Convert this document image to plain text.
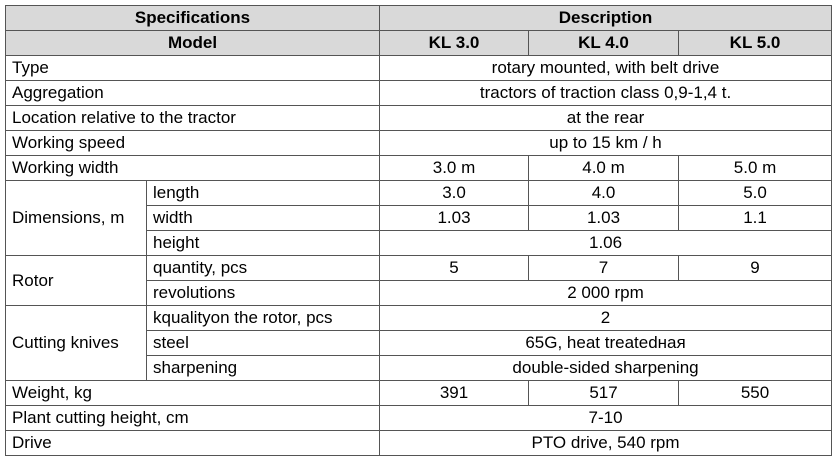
Specifications		Description		
Model		KL 3.0	KL 4.0	KL 5.0
Type		rotary mounted, with belt drive		
Aggregation		tractors of traction class 0,9-1,4 t.		
Location relative to the tractor		at the rear		
Working speed		up to 15 km / h		
Working width		3.0 m	4.0 m	5.0 m
Dimensions, m	length	3.0	4.0	5.0
	width	1.03	1.03	1.1
	height	1.06		
Rotor	quantity, pcs	5	7	9
	revolutions	2 000 rpm		
Cutting knives	kqualityon the rotor, pcs	2		
	steel	65G, heat treatedная		
	sharpening	double-sided sharpening		
Weight, kg		391	517	550
Plant cutting height, cm		7-10		
Drive		PTO drive, 540 rpm		
